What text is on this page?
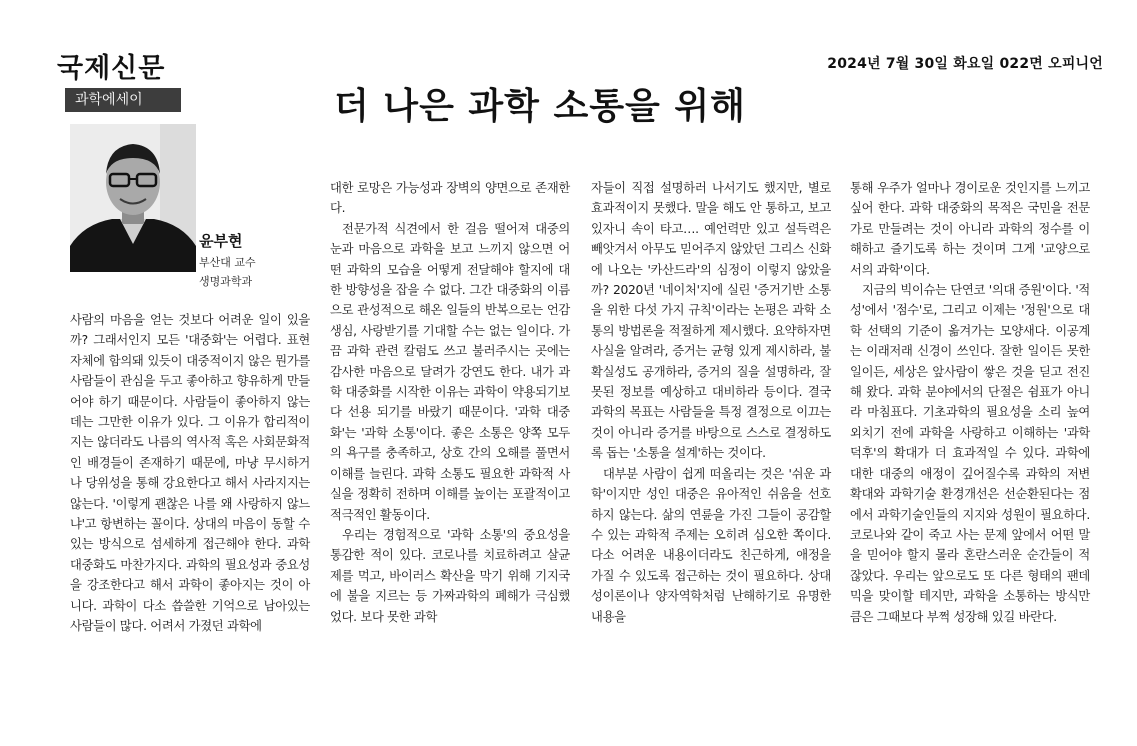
국제신문	2024년 7월 30일 화요일 022면 오피니언
과학에세이	더 나은 과학 소통을 위해
윤부현
부산대 교수
생명과학과

사람의 마음을 얻는 것보다 어려운 일이 있을까? 그래서인지 모든 '대중화'는 어렵다. 표현 자체에 함의돼 있듯이 대중적이지 않은 뭔가를 사람들이 관심을 두고 좋아하고 향유하게 만들어야 하기 때문이다. 사람들이 좋아하지 않는 데는 그만한 이유가 있다. 그 이유가 합리적이지는 않더라도 나름의 역사적 혹은 사회문화적인 배경들이 존재하기 때문에, 마냥 무시하거나 당위성을 통해 강요한다고 해서 사라지지는 않는다. '이렇게 괜찮은 나를 왜 사랑하지 않느냐'고 항변하는 꼴이다. 상대의 마음이 동할 수 있는 방식으로 섬세하게 접근해야 한다. 과학 대중화도 마찬가지다. 과학의 필요성과 중요성을 강조한다고 해서 과학이 좋아지는 것이 아니다. 과학이 다소 씁쓸한 기억으로 남아있는 사람들이 많다. 어려서 가졌던 과학에

대한 로망은 가능성과 장벽의 양면으로 존재한다.

전문가적 식견에서 한 걸음 떨어져 대중의 눈과 마음으로 과학을 보고 느끼지 않으면 어떤 과학의 모습을 어떻게 전달해야 할지에 대한 방향성을 잡을 수 없다. 그간 대중화의 이름으로 관성적으로 해온 일들의 반복으로는 언감생심, 사랑받기를 기대할 수는 없는 일이다. 가끔 과학 관련 칼럼도 쓰고 불러주시는 곳에는 감사한 마음으로 달려가 강연도 한다. 내가 과학 대중화를 시작한 이유는 과학이 약용되기보다 선용 되기를 바랐기 때문이다. '과학 대중화'는 '과학 소통'이다. 좋은 소통은 양쪽 모두의 욕구를 충족하고, 상호 간의 오해를 풀면서 이해를 늘린다. 과학 소통도 필요한 과학적 사실을 정확히 전하며 이해를 높이는 포괄적이고 적극적인 활동이다.

우리는 경험적으로 '과학 소통'의 중요성을 통감한 적이 있다. 코로나를 치료하려고 살균제를 먹고, 바이러스 확산을 막기 위해 기지국에 불을 지르는 등 가짜과학의 폐해가 극심했었다. 보다 못한 과학

자들이 직접 설명하러 나서기도 했지만, 별로 효과적이지 못했다. 말을 해도 안 통하고, 보고 있자니 속이 타고…. 예언력만 있고 설득력은 빼앗겨서 아무도 믿어주지 않았던 그리스 신화에 나오는 '카산드라'의 심정이 이렇지 않았을까? 2020년 '네이처'지에 실린 '증거기반 소통을 위한 다섯 가지 규칙'이라는 논평은 과학 소통의 방법론을 적절하게 제시했다. 요약하자면 사실을 알려라, 증거는 균형 있게 제시하라, 불확실성도 공개하라, 증거의 질을 설명하라, 잘못된 정보를 예상하고 대비하라 등이다. 결국 과학의 목표는 사람들을 특정 결정으로 이끄는 것이 아니라 증거를 바탕으로 스스로 결정하도록 돕는 '소통을 설계'하는 것이다.

대부분 사람이 쉽게 떠올리는 것은 '쉬운 과학'이지만 성인 대중은 유아적인 쉬움을 선호하지 않는다. 삶의 연륜을 가진 그들이 공감할 수 있는 과학적 주제는 오히려 심오한 쪽이다. 다소 어려운 내용이더라도 친근하게, 애정을 가질 수 있도록 접근하는 것이 필요하다. 상대성이론이나 양자역학처럼 난해하기로 유명한 내용을

통해 우주가 얼마나 경이로운 것인지를 느끼고 싶어 한다. 과학 대중화의 목적은 국민을 전문가로 만들려는 것이 아니라 과학의 정수를 이해하고 즐기도록 하는 것이며 그게 '교양으로서의 과학'이다.

지금의 빅이슈는 단연코 '의대 증원'이다. '적성'에서 '점수'로, 그리고 이제는 '정원'으로 대학 선택의 기준이 옮겨가는 모양새다. 이공계는 이래저래 신경이 쓰인다. 잘한 일이든 못한 일이든, 세상은 앞사람이 쌓은 것을 딛고 전진해 왔다. 과학 분야에서의 단절은 쉼표가 아니라 마침표다. 기초과학의 필요성을 소리 높여 외치기 전에 과학을 사랑하고 이해하는 '과학덕후'의 확대가 더 효과적일 수 있다. 과학에 대한 대중의 애정이 깊어질수록 과학의 저변 확대와 과학기술 환경개선은 선순환된다는 점에서 과학기술인들의 지지와 성원이 필요하다. 코로나와 같이 죽고 사는 문제 앞에서 어떤 말을 믿어야 할지 몰라 혼란스러운 순간들이 적잖았다. 우리는 앞으로도 또 다른 형태의 팬데믹을 맞이할 테지만, 과학을 소통하는 방식만큼은 그때보다 부쩍 성장해 있길 바란다.
